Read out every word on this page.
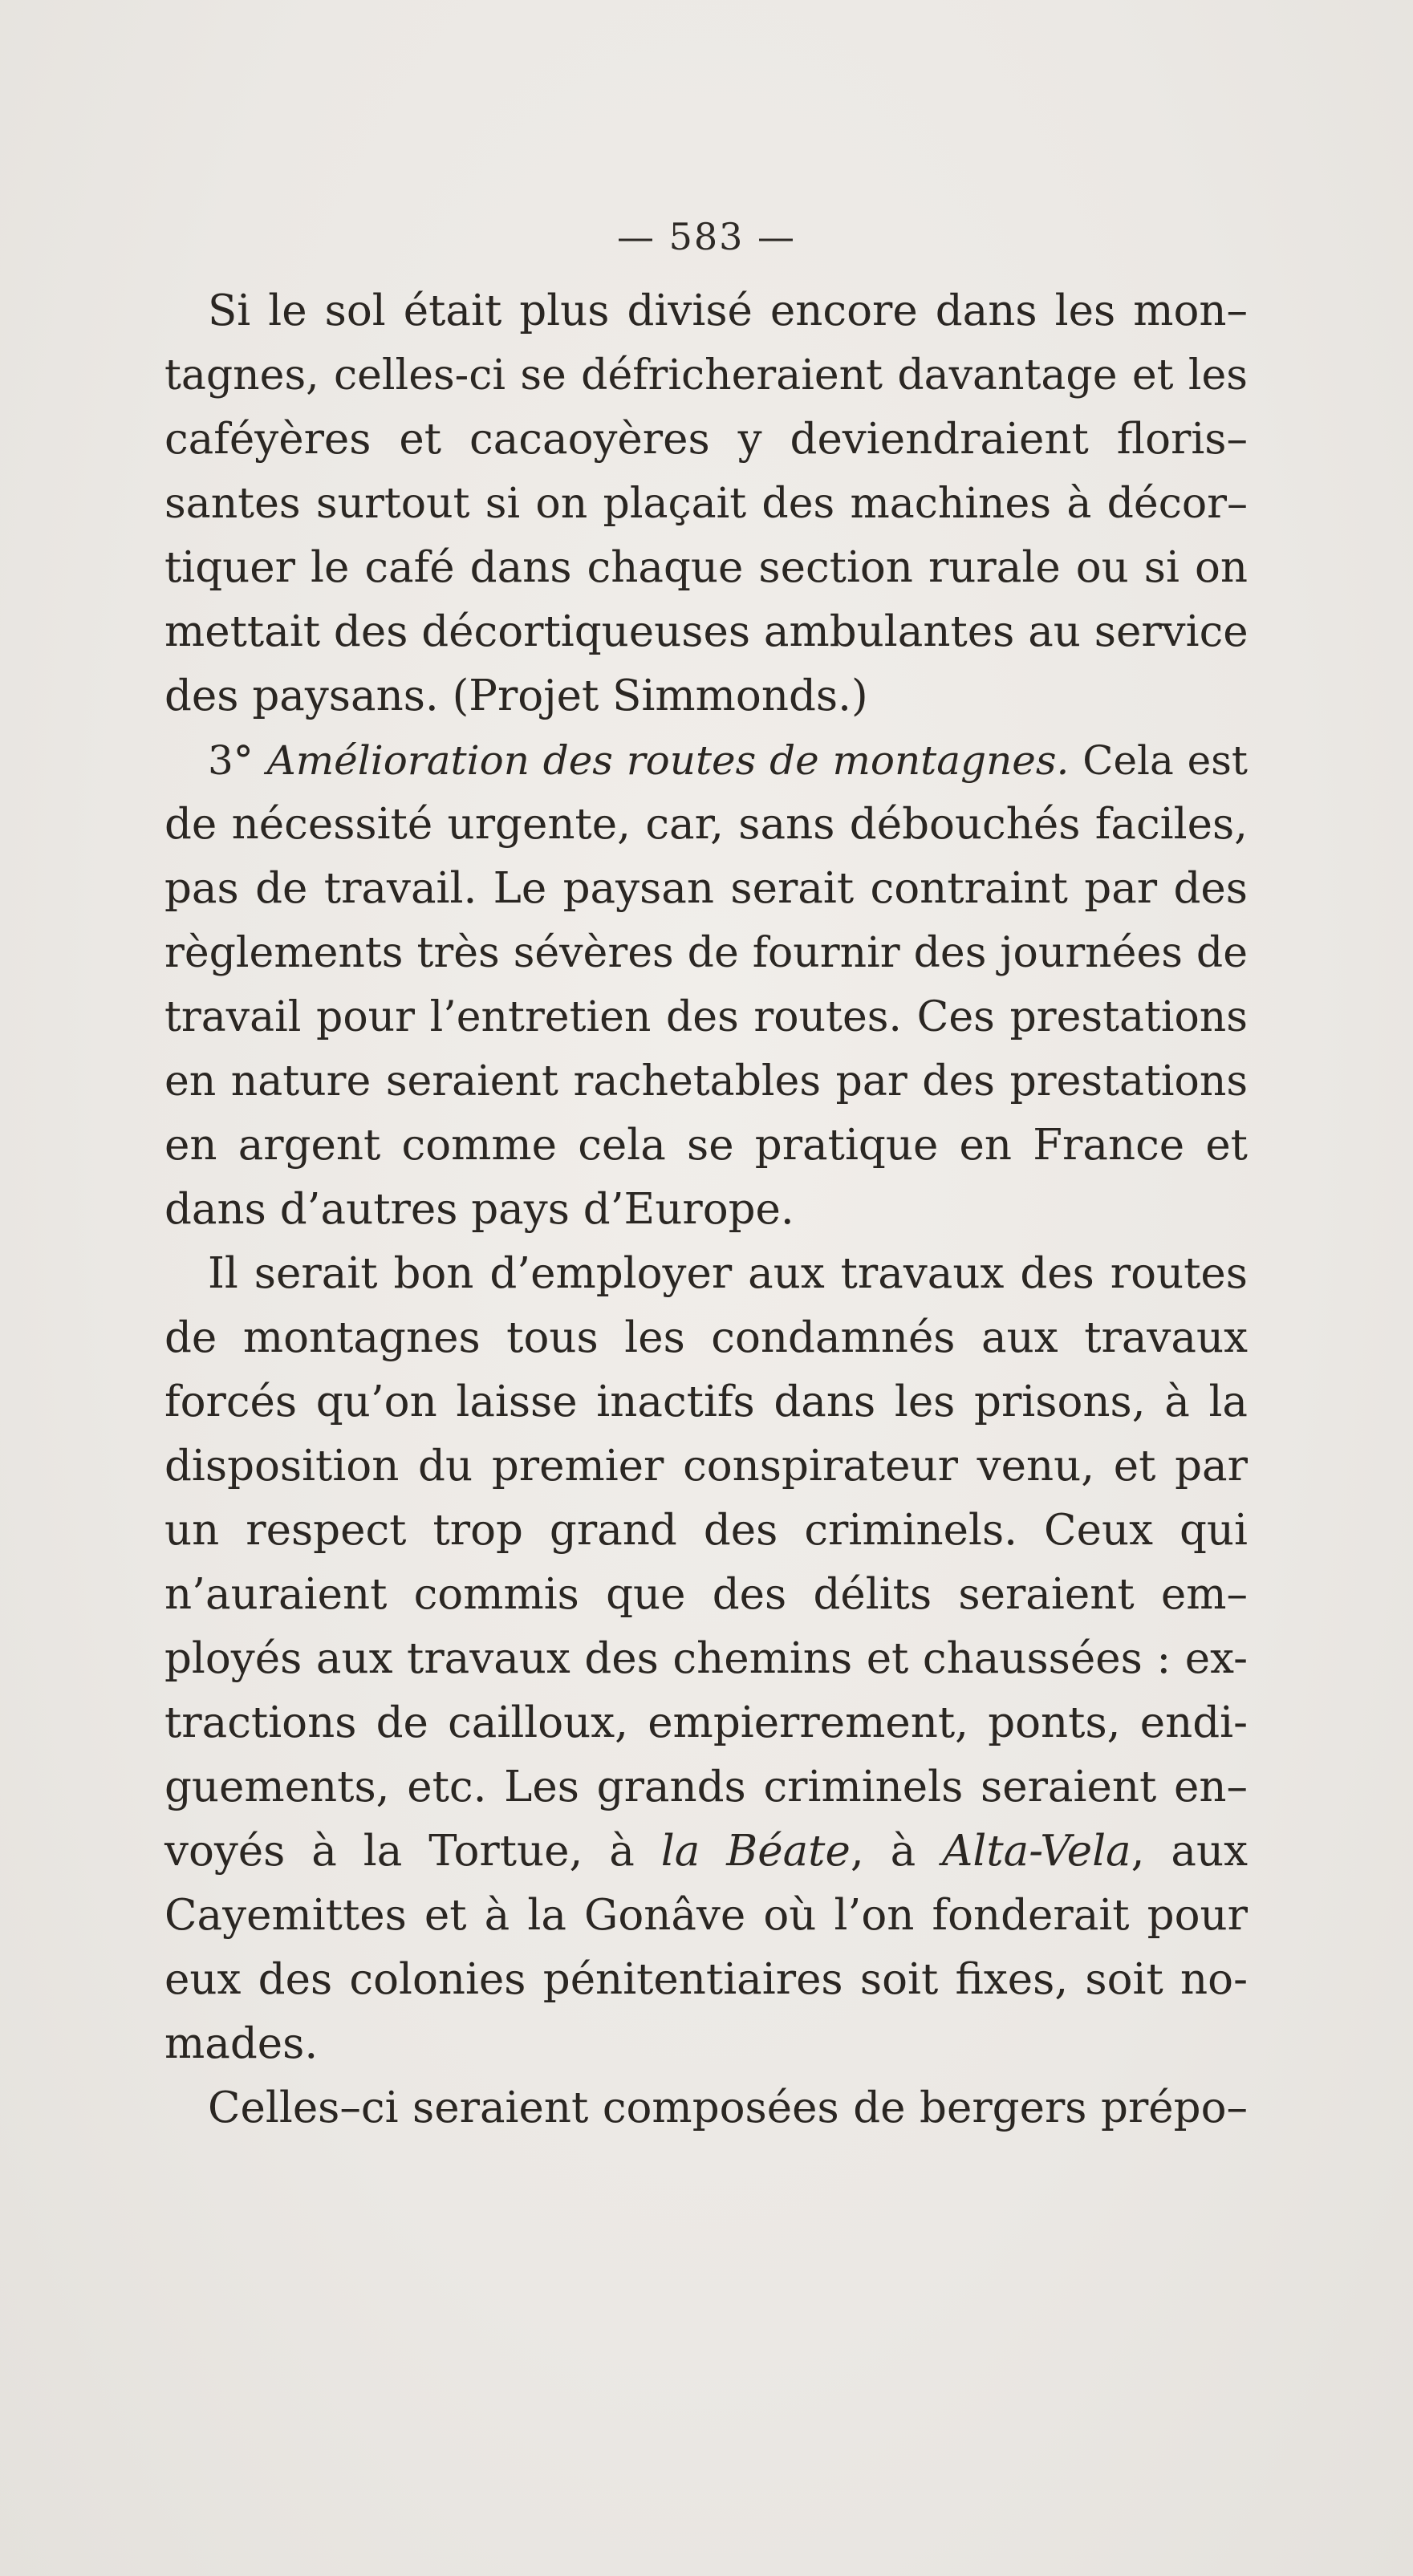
— 583 —
Si le sol était plus divisé encore dans les mon–
tagnes, celles-ci se défricheraient davantage et les
caféyères et cacaoyères y deviendraient floris–
santes surtout si on plaçait des machines à décor–
tiquer le café dans chaque section rurale ou si on
mettait des décortiqueuses ambulantes au service
des paysans. (Projet Simmonds.)
3° Amélioration des routes de montagnes. Cela est
de nécessité urgente, car, sans débouchés faciles,
pas de travail. Le paysan serait contraint par des
règlements très sévères de fournir des journées de
travail pour l’entretien des routes. Ces prestations
en nature seraient rachetables par des prestations
en argent comme cela se pratique en France et
dans d’autres pays d’Europe.
Il serait bon d’employer aux travaux des routes
de montagnes tous les condamnés aux travaux
forcés qu’on laisse inactifs dans les prisons, à la
disposition du premier conspirateur venu, et par
un respect trop grand des criminels. Ceux qui
n’auraient commis que des délits seraient em–
ployés aux travaux des chemins et chaussées : ex-
tractions de cailloux, empierrement, ponts, endi-
guements, etc. Les grands criminels seraient en–
voyés à la Tortue, à la Béate, à Alta-Vela, aux
Cayemittes et à la Gonâve où l’on fonderait pour
eux des colonies pénitentiaires soit fixes, soit no-
mades.
Celles–ci seraient composées de bergers prépo–
